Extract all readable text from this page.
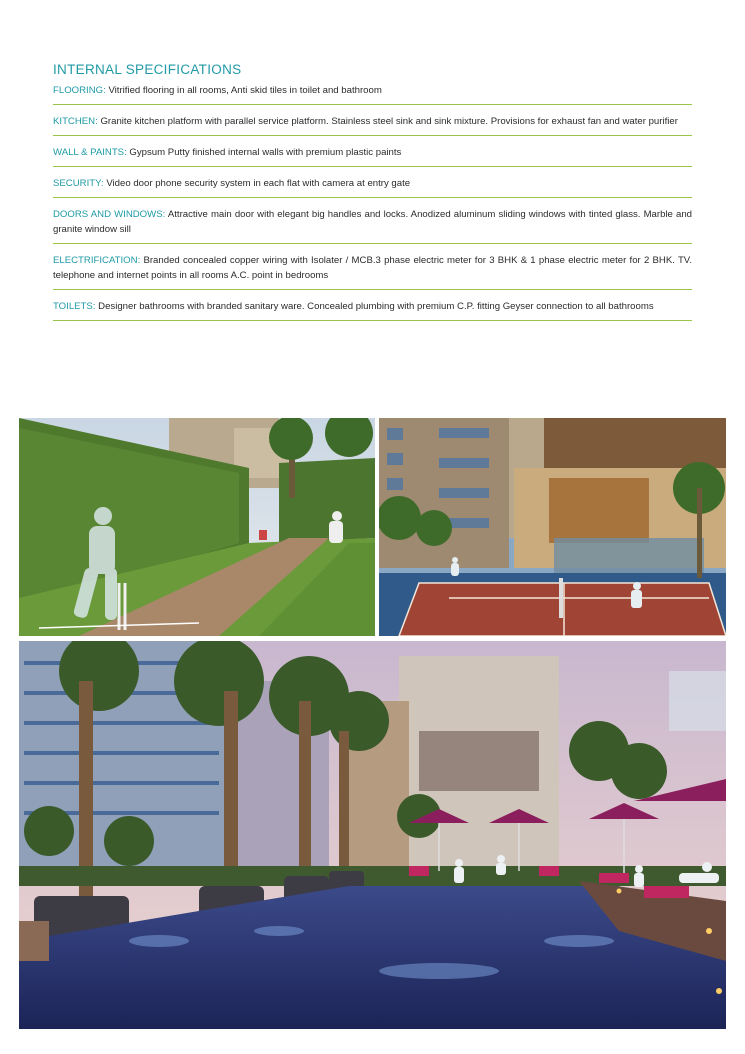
INTERNAL SPECIFICATIONS
FLOORING: Vitrified flooring in all rooms, Anti skid tiles in toilet and bathroom
KITCHEN: Granite kitchen platform with parallel service platform. Stainless steel sink and sink mixture. Provisions for exhaust fan and water purifier
WALL & PAINTS: Gypsum Putty finished internal walls with premium plastic paints
SECURITY: Video door phone security system in each flat with camera at entry gate
DOORS AND WINDOWS: Attractive main door with elegant big handles and locks. Anodized aluminum sliding windows with tinted glass. Marble and granite window sill
ELECTRIFICATION: Branded concealed copper wiring with Isolater / MCB.3 phase electric meter for 3 BHK & 1 phase electric meter for 2 BHK. TV. telephone and internet points in all rooms A.C. point in bedrooms
TOILETS: Designer bathrooms with branded sanitary ware. Concealed plumbing with premium C.P. fitting Geyser connection to all bathrooms
